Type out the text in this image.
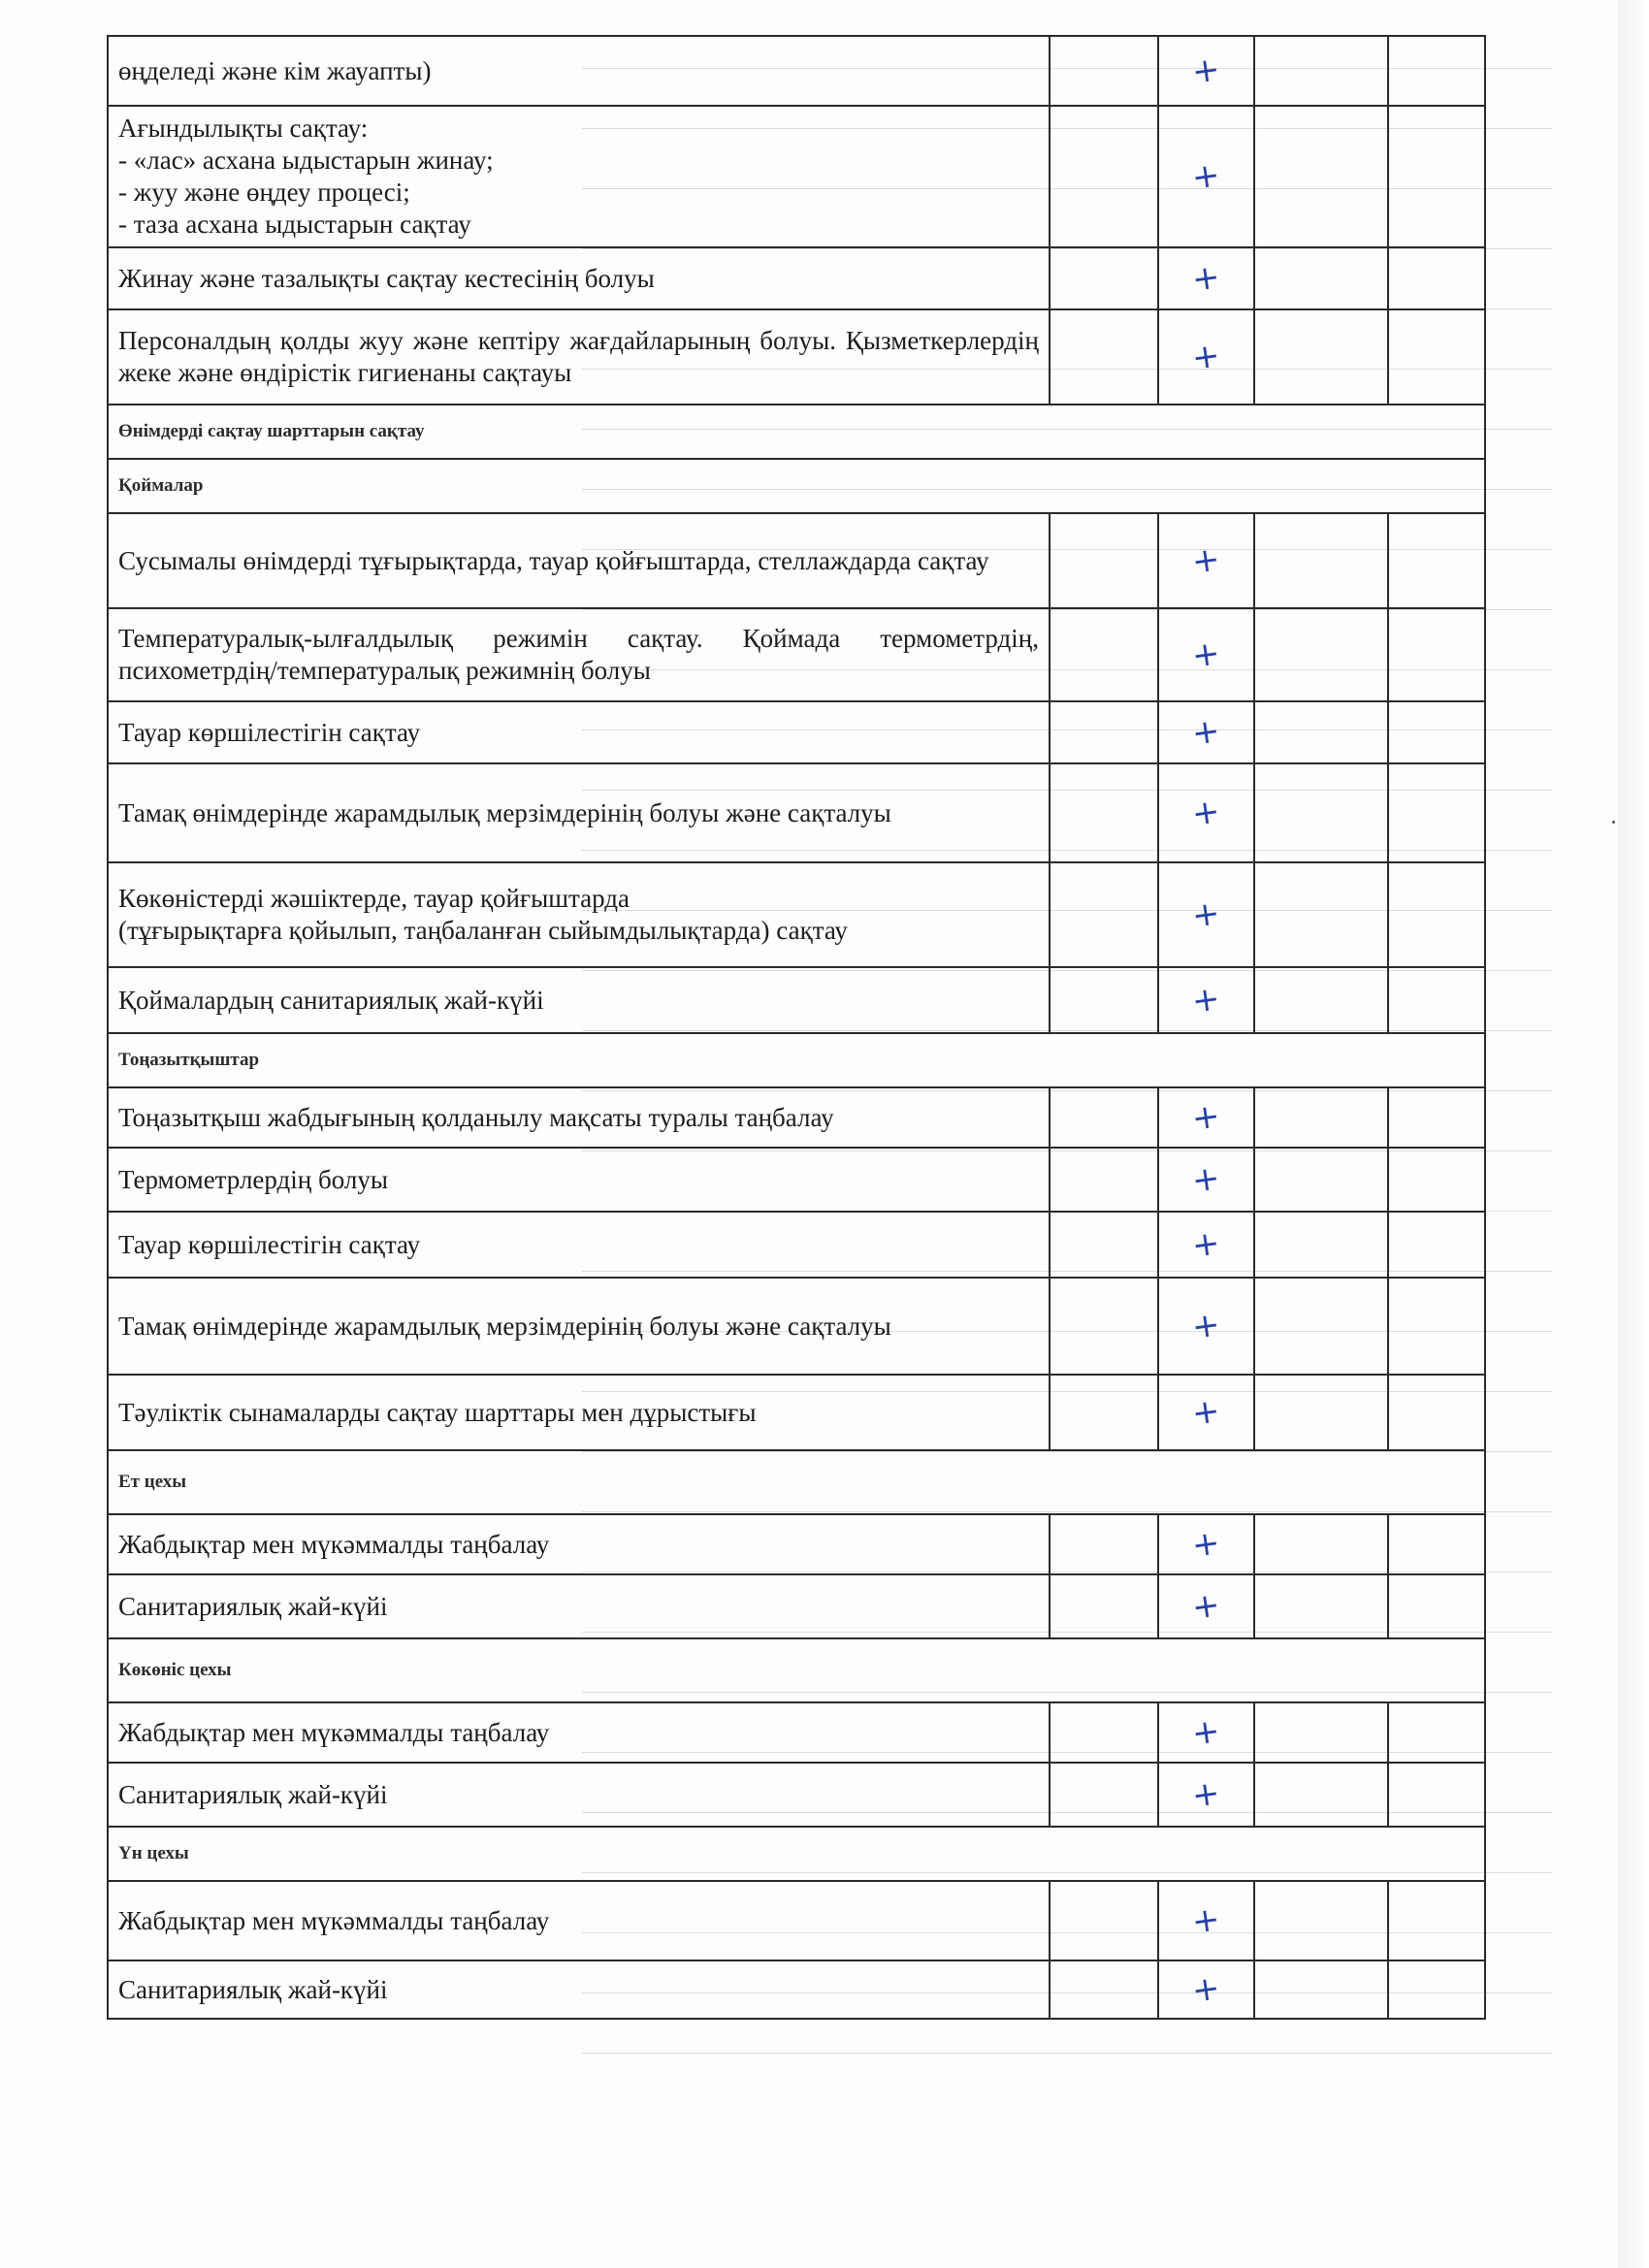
өңделеді және кім жауапты)		+		

Ағындылықты сақтау:
- «лас» асхана ыдыстарын жинау;
- жуу және өңдеу процесі;
- таза асхана ыдыстарын сақтау		+		

Жинау және тазалықты сақтау кестесінің болуы		+		

Персоналдың қолды жуу және кептіру жағдайларының болуы. Қызметкерлердің жеке және өндірістік гигиенаны сақтауы		+		
Өнімдерді сақтау шарттарын сақтау				
Қоймалар				

Сусымалы өнімдерді тұғырықтарда, тауар қойғыштарда, стеллаждарда сақтау		+		

Температуралық-ылғалдылық режимін сақтау. Қоймада термометрдің, психометрдің/температуралық режимнің болуы		+		

Тауар көршілестігін сақтау		+		

Тамақ өнімдерінде жарамдылық мерзімдерінің болуы және сақталуы		+		

Көкөністерді жәшіктерде, тауар қойғыштарда
(тұғырықтарға қойылып, таңбаланған сыйымдылықтарда) сақтау		+		

Қоймалардың санитариялық жай-күйі		+		
Тоңазытқыштар				

Тоңазытқыш жабдығының қолданылу мақсаты туралы таңбалау		+		

Термометрлердің болуы		+		

Тауар көршілестігін сақтау		+		

Тамақ өнімдерінде жарамдылық мерзімдерінің болуы және сақталуы		+		

Тәуліктік сынамаларды сақтау шарттары мен дұрыстығы		+		
Ет цехы				

Жабдықтар мен мүкәммалды таңбалау		+		

Санитариялық жай-күйі		+		
Көкөніс цехы				

Жабдықтар мен мүкәммалды таңбалау		+		

Санитариялық жай-күйі		+		
Үн цехы				

Жабдықтар мен мүкәммалды таңбалау		+		

Санитариялық жай-күйі		+		
